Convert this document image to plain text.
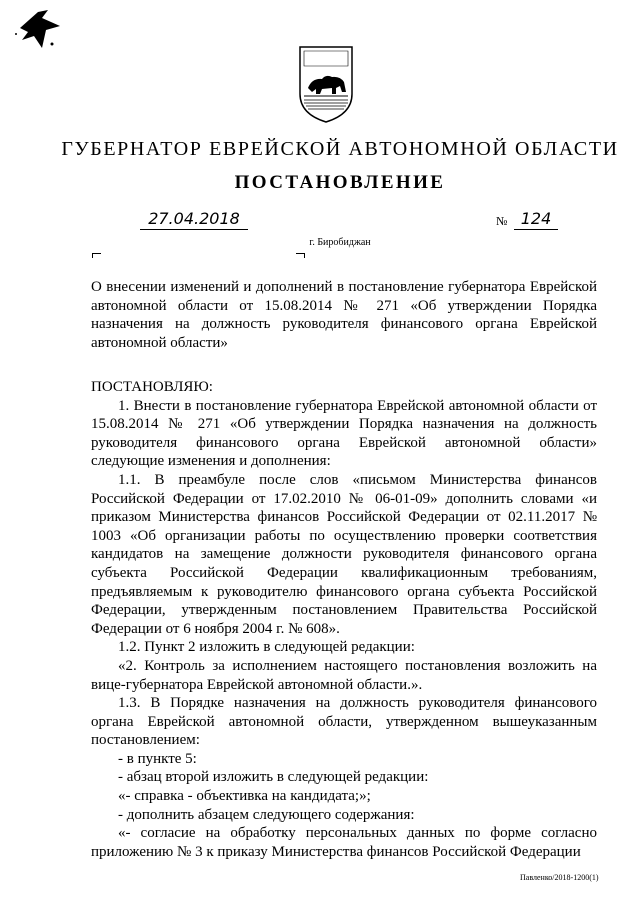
ГУБЕРНАТОР ЕВРЕЙСКОЙ АВТОНОМНОЙ ОБЛАСТИ
ПОСТАНОВЛЕНИЕ
27.04.2018	№ 124
г. Биробиджан

О внесении изменений и дополнений в постановление губернатора Еврейской автономной области от 15.08.2014 № 271 «Об утверждении Порядка назначения на должность руководителя финансового органа Еврейской автономной области»

ПОСТАНОВЛЯЮ:

1. Внести в постановление губернатора Еврейской автономной области от 15.08.2014 № 271 «Об утверждении Порядка назначения на должность руководителя финансового органа Еврейской автономной области» следующие изменения и дополнения:

1.1. В преамбуле после слов «письмом Министерства финансов Российской Федерации от 17.02.2010 № 06-01-09» дополнить словами «и приказом Министерства финансов Российской Федерации от 02.11.2017 № 1003 «Об организации работы по осуществлению проверки соответствия кандидатов на замещение должности руководителя финансового органа субъекта Российской Федерации квалификационным требованиям, предъявляемым к руководителю финансового органа субъекта Российской Федерации, утвержденным постановлением Правительства Российской Федерации от 6 ноября 2004 г. № 608».

1.2. Пункт 2 изложить в следующей редакции:

«2. Контроль за исполнением настоящего постановления возложить на вице-губернатора Еврейской автономной области.».

1.3. В Порядке назначения на должность руководителя финансового органа Еврейской автономной области, утвержденном вышеуказанным постановлением:

- в пункте 5:

- абзац второй изложить в следующей редакции:

«- справка - объективка на кандидата;»;

- дополнить абзацем следующего содержания:

«- согласие на обработку персональных данных по форме согласно приложению № 3 к приказу Министерства финансов Российской Федерации

Павленко/2018-1200(1)
